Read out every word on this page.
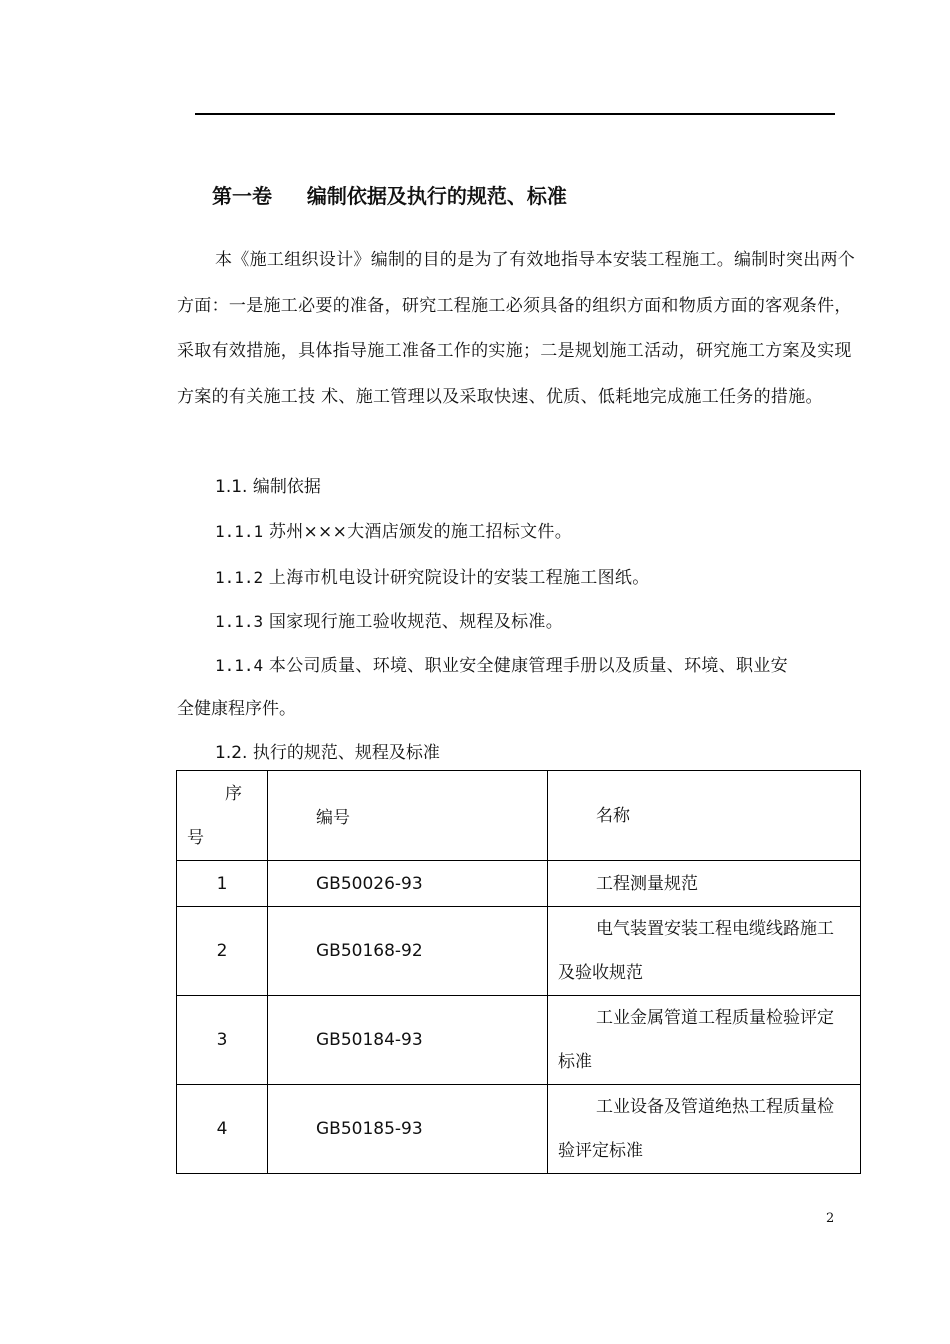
第一卷     编制依据及执行的规范、标准

本《施工组织设计》编制的目的是为了有效地指导本安装工程施工。编制时突出两个方面：一是施工必要的准备，研究工程施工必须具备的组织方面和物质方面的客观条件，采取有效措施，具体指导施工准备工作的实施；二是规划施工活动，研究施工方案及实现方案的有关施工技 术、施工管理以及采取快速、优质、低耗地完成施工任务的措施。

1.1. 编制依据

1.1.1 苏州×××大酒店颁发的施工招标文件。

1.1.2 上海市机电设计研究院设计的安装工程施工图纸。

1.1.3 国家现行施工验收规范、规程及标准。

1.1.4 本公司质量、环境、职业安全健康管理手册以及质量、环境、职业安

全健康程序件。

1.2. 执行的规范、规程及标准

序
号	编号	名称

1	GB50026-93	工程测量规范

2	GB50168-92	电气装置安装工程电缆线路施工及验收规范

3	GB50184-93	工业金属管道工程质量检验评定标准

4	GB50185-93	工业设备及管道绝热工程质量检验评定标准

2
